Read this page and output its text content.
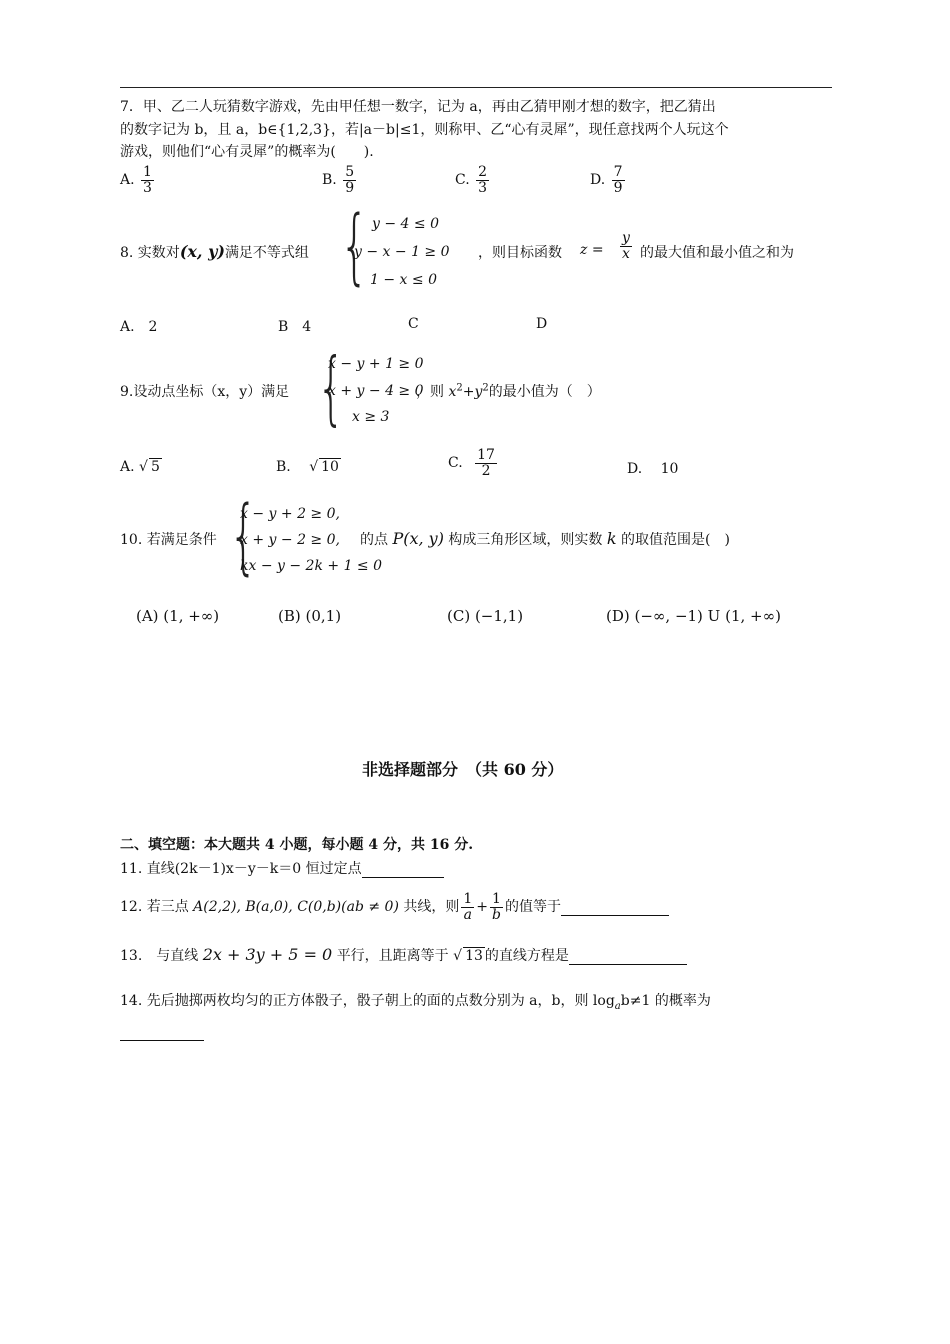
7．甲、乙二人玩猜数字游戏，先由甲任想一数字，记为 a，再由乙猜甲刚才想的数字，把乙猜出
的数字记为 b，且 a，b∈{1,2,3}，若|a－b|≤1，则称甲、乙“心有灵犀”，现任意找两个人玩这个
游戏，则他们“心有灵犀”的概率为(　　).
A. $\frac{1}{3}$	B. $\frac{5}{9}$	C. $\frac{2}{3}$	D. $\frac{7}{9}$
8. 实数对(x, y)满足不等式组 { y − 4 ≤ 0
y − x − 1 ≥ 0
1 − x ≤ 0
，则目标函数 $z = \frac{y}{x}$ 的最大值和最小值之和为
A.　2	B　4	C	D
9.设动点坐标（x，y）满足 {
x − y + 1 ≥ 0
x + y − 4 ≥ 0
x ≥ 3
，则 $x^2+y^2$的最小值为（　）
A. √ 5	B. √ 10	C. $\frac{17}{2}$	D.　 10
10. 若满足条件 {
x − y + 2 ≥ 0,
x + y − 2 ≥ 0,
kx − y − 2k + 1 ≤ 0
的点 P(x, y) 构成三角形区域，则实数 k 的取值范围是(　)
(A) (1, +∞)	(B) (0,1)	(C) (−1,1)	(D) (−∞, −1) U (1, +∞)
非选择题部分　（共 60 分）
二、填空题：本大题共 4 小题，每小题 4 分，共 16 分.
11. 直线(2k－1)x－y－k＝0 恒过定点
12. 若三点 A(2,2), B(a,0), C(0,b)(ab ≠ 0) 共线，则 $\frac{1}{a} + \frac{1}{b}$ 的值等于
13.　与直线 2x + 3y + 5 = 0 平行，且距离等于 √ 13 的直线方程是
14. 先后抛掷两枚均匀的正方体骰子，骰子朝上的面的点数分别为 a，b，则 $\log_ab\ne 1$ 的概率为
